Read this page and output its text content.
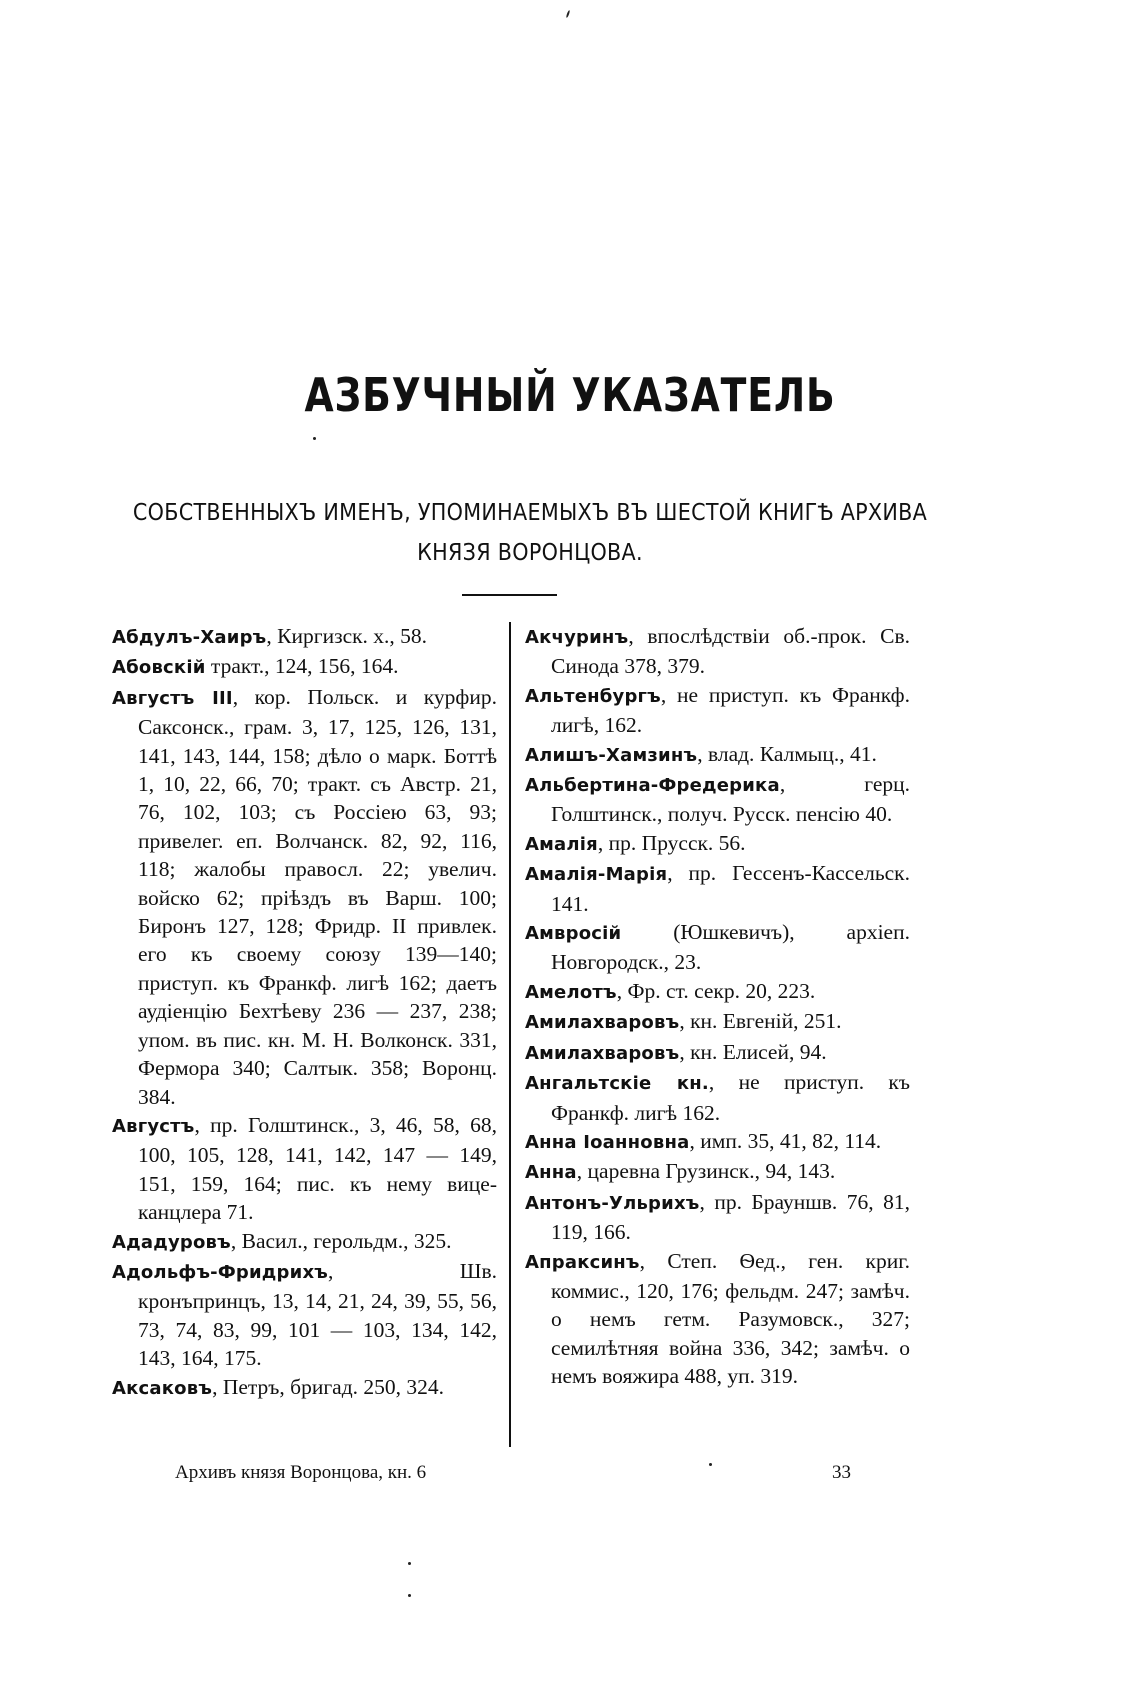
АЗБУЧНЫЙ УКАЗАТЕЛЬ
СОБСТВЕННЫХЪ ИМЕНЪ, УПОМИНАЕМЫХЪ ВЪ ШЕСТОЙ КНИГѢ АРХИВА КНЯЗЯ ВОРОНЦОВА.

Абдулъ-Хаиръ, Киргизск. х., 58.

Абовскій тракт., 124, 156, 164.

Августъ III, кор. Польск. и курфир. Саксонск., грам. 3, 17, 125, 126, 131, 141, 143, 144, 158; дѣло о марк. Боттѣ 1, 10, 22, 66, 70; тракт. съ Австр. 21, 76, 102, 103; съ Россiею 63, 93; привелег. еп. Волчанск. 82, 92, 116, 118; жалобы правосл. 22; увелич. войско 62; прiѣздъ въ Варш. 100; Биронъ 127, 128; Фридр. II привлек. его къ своему союзу 139—140; приступ. къ Франкф. лигѣ 162; даетъ аудiенцiю Бехтѣеву 236 — 237, 238; упом. въ пис. кн. М. Н. Волконск. 331, Фермора 340; Салтык. 358; Воронц. 384.

Августъ, пр. Голштинск., 3, 46, 58, 68, 100, 105, 128, 141, 142, 147 — 149, 151, 159, 164; пис. къ нему вице-канцлера 71.

Ададуровъ, Васил., герольдм., 325.

Адольфъ-Фридрихъ, Шв. кронъпринцъ, 13, 14, 21, 24, 39, 55, 56, 73, 74, 83, 99, 101 — 103, 134, 142, 143, 164, 175.

Аксаковъ, Петръ, бригад. 250, 324.

Акчуринъ, впослѣдствiи об.-прок. Св. Синода 378, 379.

Альтенбургъ, не приступ. къ Франкф. лигѣ, 162.

Алишъ-Хамзинъ, влад. Калмыц., 41.

Альбертина-Фредерика, герц. Голштинск., получ. Русск. пенсiю 40.

Амалiя, пр. Прусск. 56.

Амалiя-Марiя, пр. Гессенъ-Кассельск. 141.

Амвросій (Юшкевичъ), архiеп. Новгородск., 23.

Амелотъ, Фр. ст. секр. 20, 223.

Амилахваровъ, кн. Евгенiй, 251.

Амилахваровъ, кн. Елисей, 94.

Ангальтскiе кн., не приступ. къ Франкф. лигѣ 162.

Анна Іоанновна, имп. 35, 41, 82, 114.

Анна, царевна Грузинск., 94, 143.

Антонъ-Ульрихъ, пр. Брауншв. 76, 81, 119, 166.

Апраксинъ, Степ. Ѳед., ген. криг. коммис., 120, 176; фельдм. 247; замѣч. о немъ гетм. Разумовск., 327; семилѣтняя война 336, 342; замѣч. о немъ вояжира 488, уп. 319.

Архивъ князя Воронцова, кн. 6	33
